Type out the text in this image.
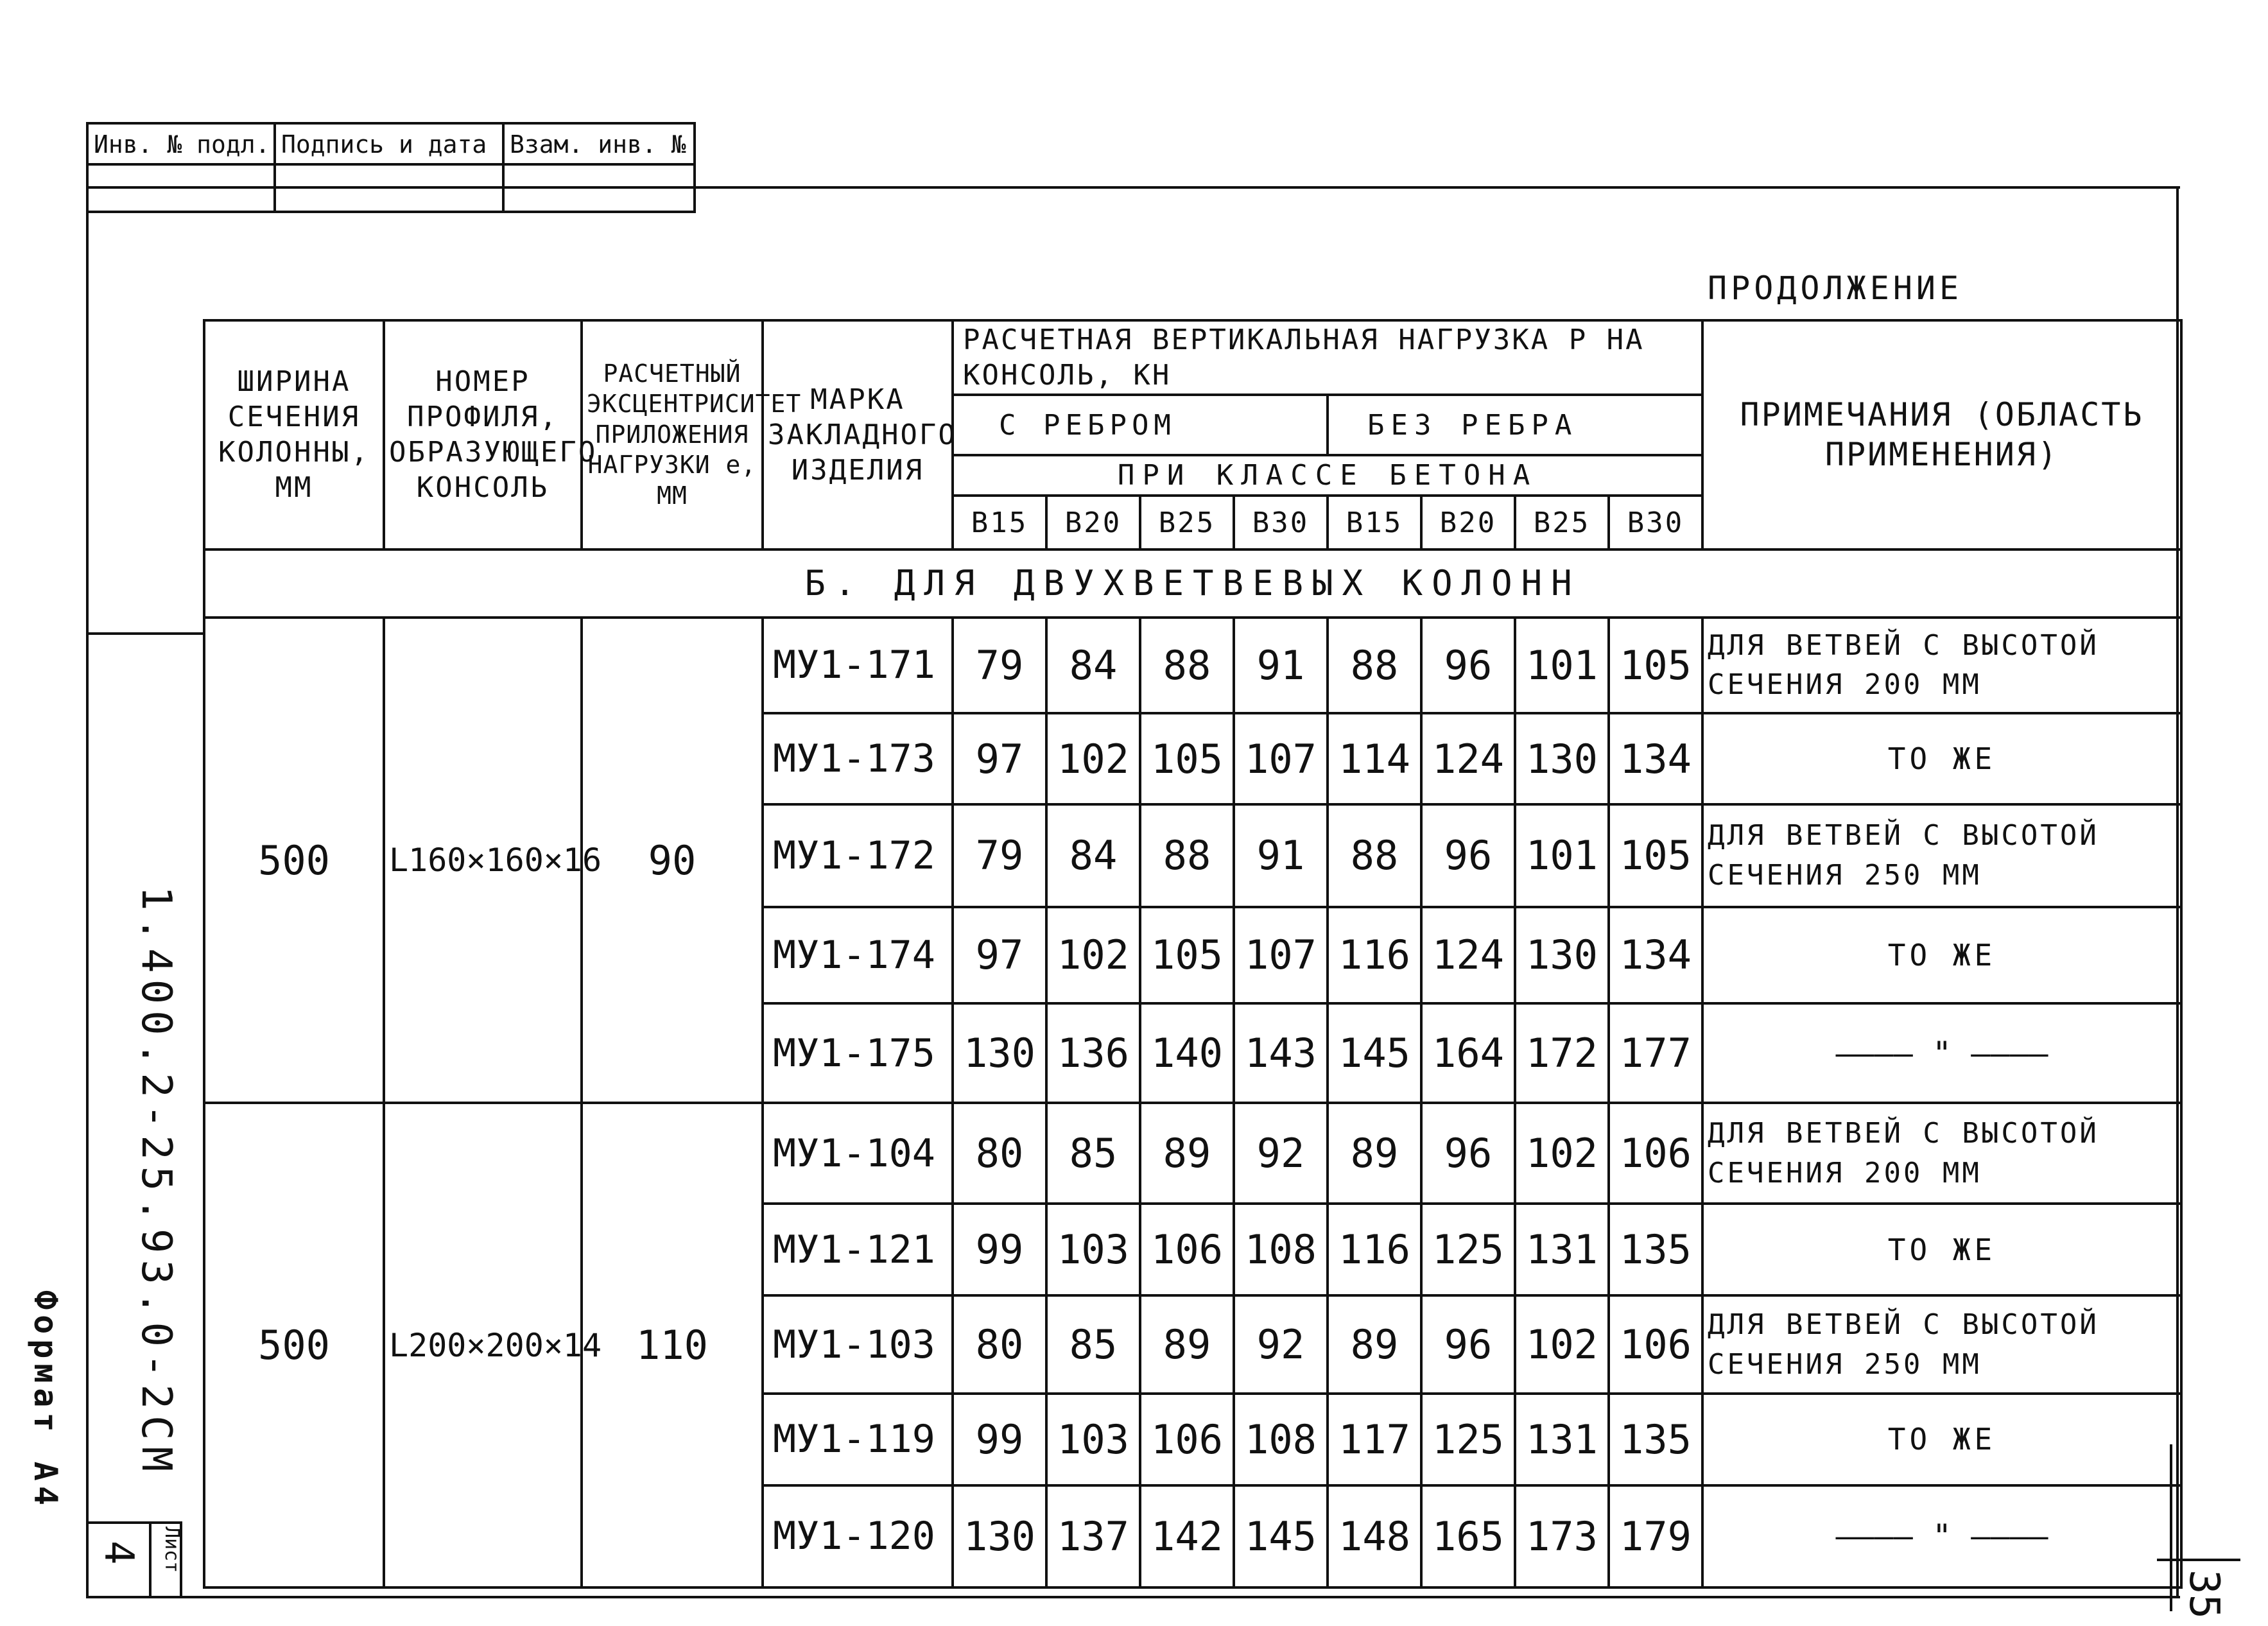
Инв. № подл. Подпись и дата Взам. инв. №
1.400.2-25.93.0-2СМ
4 Лист
Формат А4
35
ПРОДОЛЖЕНИЕ
ШИРИНА СЕЧЕНИЯ КОЛОННЫ, ММ	НОМЕР ПРОФИЛЯ, ОБРАЗУЮЩЕГО КОНСОЛЬ	РАСЧЕТНЫЙ ЭКСЦЕНТРИСИТЕТ ПРИЛОЖЕНИЯ НАГРУЗКИ е, ММ	МАРКА ЗАКЛАДНОГО ИЗДЕЛИЯ	РАСЧЕТНАЯ ВЕРТИКАЛЬНАЯ НАГРУЗКА Р НА КОНСОЛЬ, КН								ПРИМЕЧАНИЯ (ОБЛАСТЬ ПРИМЕНЕНИЯ)
				С РЕБРОМ				БЕЗ РЕБРА				
				ПРИ КЛАССЕ БЕТОНА								
				В15	В20	В25	В30	В15	В20	В25	В30	
Б. ДЛЯ ДВУХВЕТВЕВЫХ КОЛОНН												
500	L160×160×16	90	МУ1-171	79	84	88	91	88	96	101	105	ДЛЯ ВЕТВЕЙ С ВЫСОТОЙ СЕЧЕНИЯ 200 ММ
			МУ1-173	97	102	105	107	114	124	130	134	ТО ЖЕ
			МУ1-172	79	84	88	91	88	96	101	105	ДЛЯ ВЕТВЕЙ С ВЫСОТОЙ СЕЧЕНИЯ 250 ММ
			МУ1-174	97	102	105	107	116	124	130	134	ТО ЖЕ
			МУ1-175	130	136	140	143	145	164	172	177	———— " ————
500	L200×200×14	110	МУ1-104	80	85	89	92	89	96	102	106	ДЛЯ ВЕТВЕЙ С ВЫСОТОЙ СЕЧЕНИЯ 200 ММ
			МУ1-121	99	103	106	108	116	125	131	135	ТО ЖЕ
			МУ1-103	80	85	89	92	89	96	102	106	ДЛЯ ВЕТВЕЙ С ВЫСОТОЙ СЕЧЕНИЯ 250 ММ
			МУ1-119	99	103	106	108	117	125	131	135	ТО ЖЕ
			МУ1-120	130	137	142	145	148	165	173	179	———— " ————
